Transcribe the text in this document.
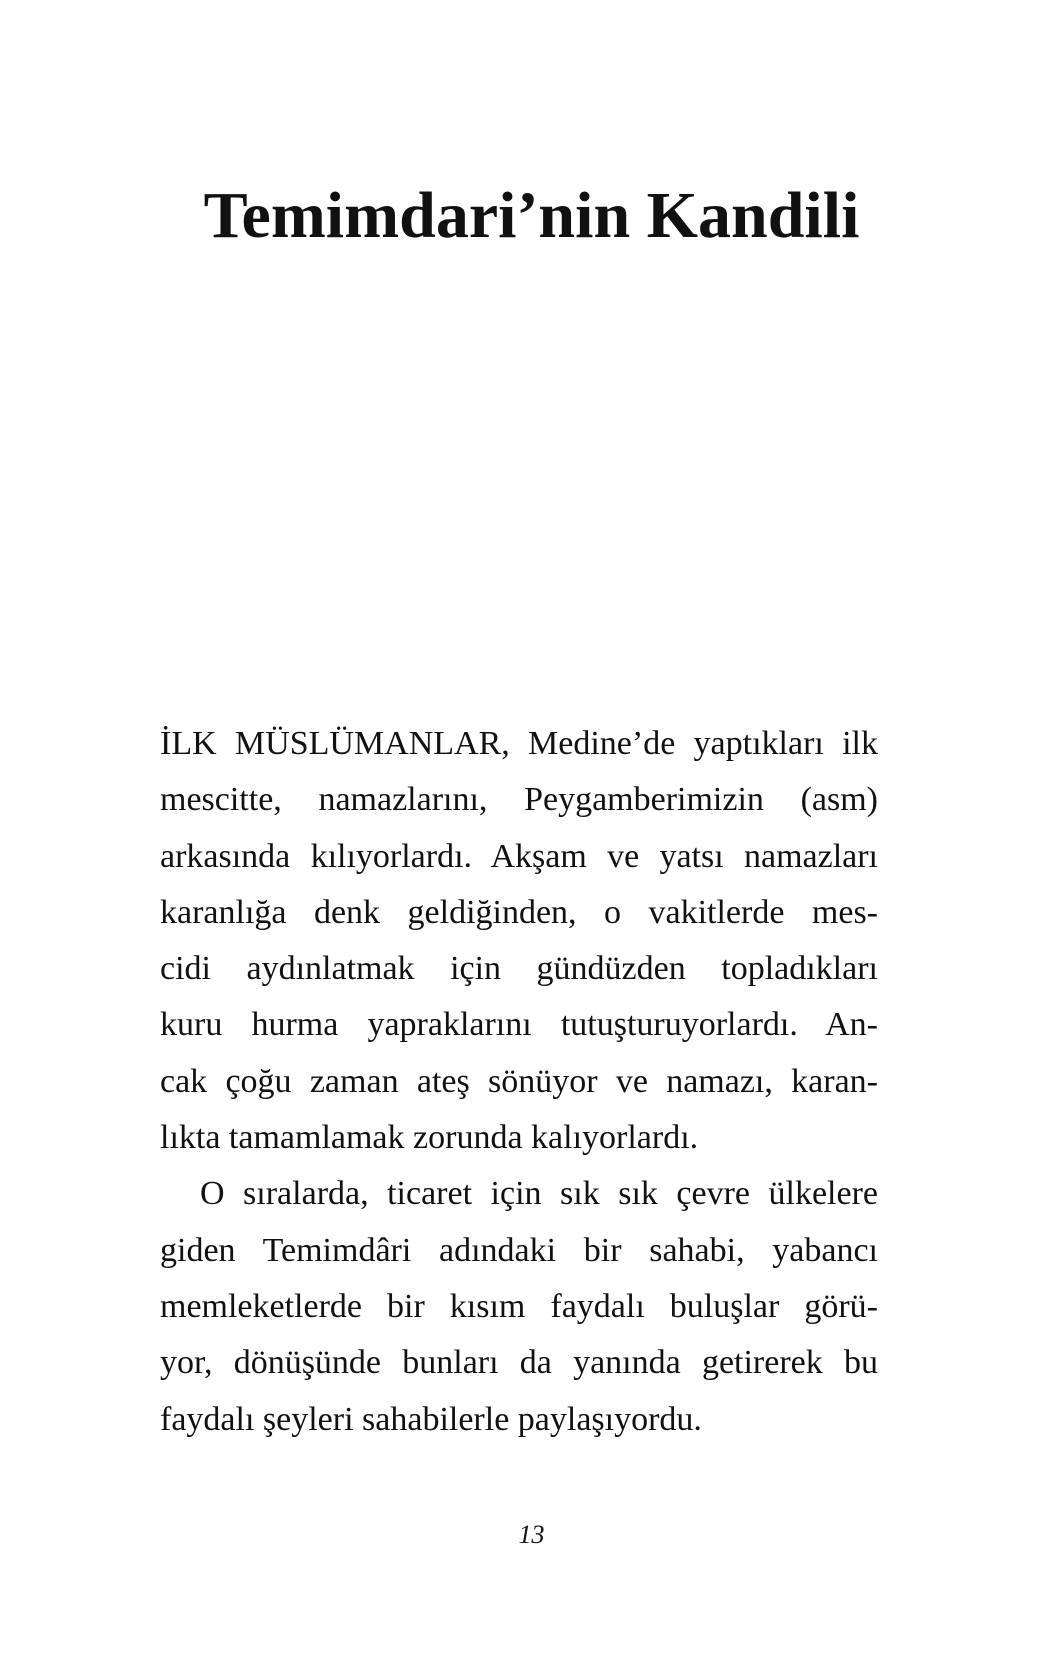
Temimdari’nin Kandili
İLK MÜSLÜMANLAR, Medine’de yaptıkları ilk
mescitte, namazlarını, Peygamberimizin (asm)
arkasında kılıyorlardı. Akşam ve yatsı namazları
karanlığa denk geldiğinden, o vakitlerde mes-
cidi aydınlatmak için gündüzden topladıkları
kuru hurma yapraklarını tutuşturuyorlardı. An-
cak çoğu zaman ateş sönüyor ve namazı, karan-
lıkta tamamlamak zorunda kalıyorlardı.
O sıralarda, ticaret için sık sık çevre ülkelere
giden Temimdâri adındaki bir sahabi, yabancı
memleketlerde bir kısım faydalı buluşlar görü-
yor, dönüşünde bunları da yanında getirerek bu
faydalı şeyleri sahabilerle paylaşıyordu.
13
